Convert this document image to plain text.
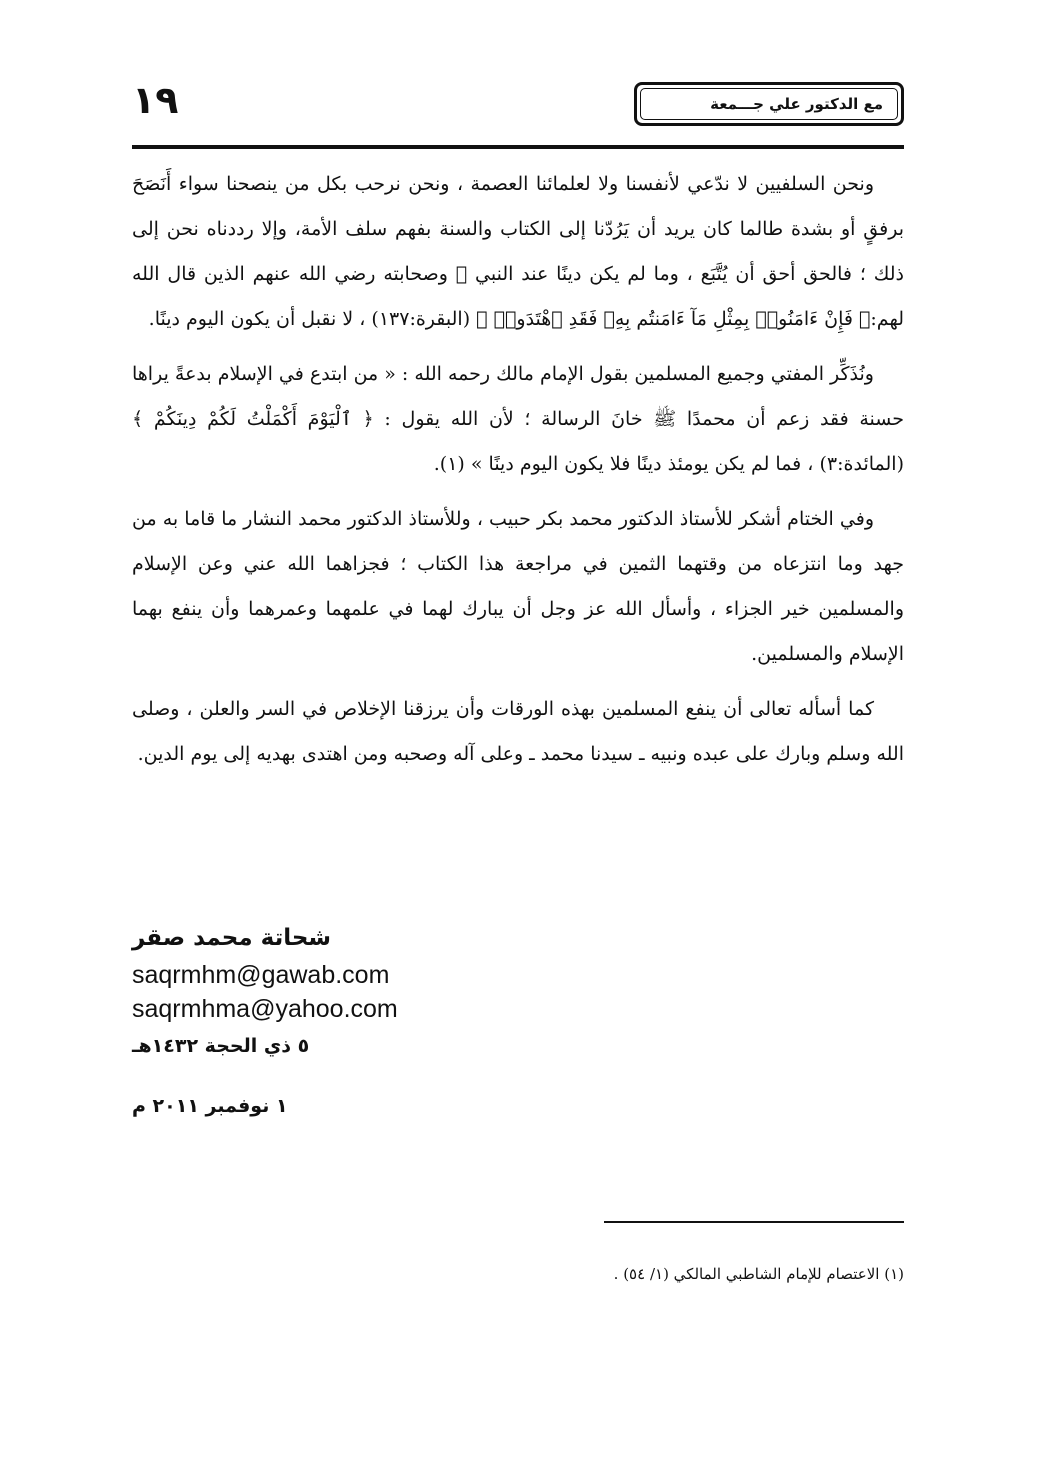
١٩	مع الدكتور علي جـــمعة

ونحن السلفيين لا ندّعي لأنفسنا ولا لعلمائنا العصمة ، ونحن نرحب بكل من ينصحنا سواء أَنَصَحَ برفقٍ أو بشدة طالما كان يريد أن يَرُدّنا إلى الكتاب والسنة بفهم سلف الأمة، وإلا رددناه نحن إلى ذلك ؛ فالحق أحق أن يُتَّبَع ، وما لم يكن دينًا عند النبي ﷺ وصحابته رضي الله عنهم الذين قال الله لهم:﴿ فَإِنْ ءَامَنُوا۟ بِمِثْلِ مَآ ءَامَنتُم بِهِۦ فَقَدِ ٱهْتَدَوا۟ ﴾ (البقرة:١٣٧) ، لا نقبل أن يكون اليوم دينًا.

ونُذَكِّر المفتي وجميع المسلمين بقول الإمام مالك رحمه الله : « من ابتدع في الإسلام بدعةً يراها حسنة فقد زعم أن محمدًا ﷺ خانَ الرسالة ؛ لأن الله يقول : ﴿ ٱلْيَوْمَ أَكْمَلْتُ لَكُمْ دِينَكُمْ ﴾ (المائدة:٣) ، فما لم يكن يومئذ دينًا فلا يكون اليوم دينًا » (١).

وفي الختام أشكر للأستاذ الدكتور محمد بكر حبيب ، وللأستاذ الدكتور محمد النشار ما قاما به من جهد وما انتزعاه من وقتهما الثمين في مراجعة هذا الكتاب ؛ فجزاهما الله عني وعن الإسلام والمسلمين خير الجزاء ، وأسأل الله عز وجل أن يبارك لهما في علمهما وعمرهما وأن ينفع بهما الإسلام والمسلمين.

كما أسأله تعالى أن ينفع المسلمين بهذه الورقات وأن يرزقنا الإخلاص في السر والعلن ، وصلى الله وسلم وبارك على عبده ونبيه ـ سيدنا محمد ـ وعلى آله وصحبه ومن اهتدى بهديه إلى يوم الدين.

شحاتة محمد صقر
saqrmhm@gawab.com
saqrmhma@yahoo.com
٥ ذي الحجة ١٤٣٢هـ
١ نوفمبر ٢٠١١ م
(١) الاعتصام للإمام الشاطبي المالكي (١/ ٥٤) .
